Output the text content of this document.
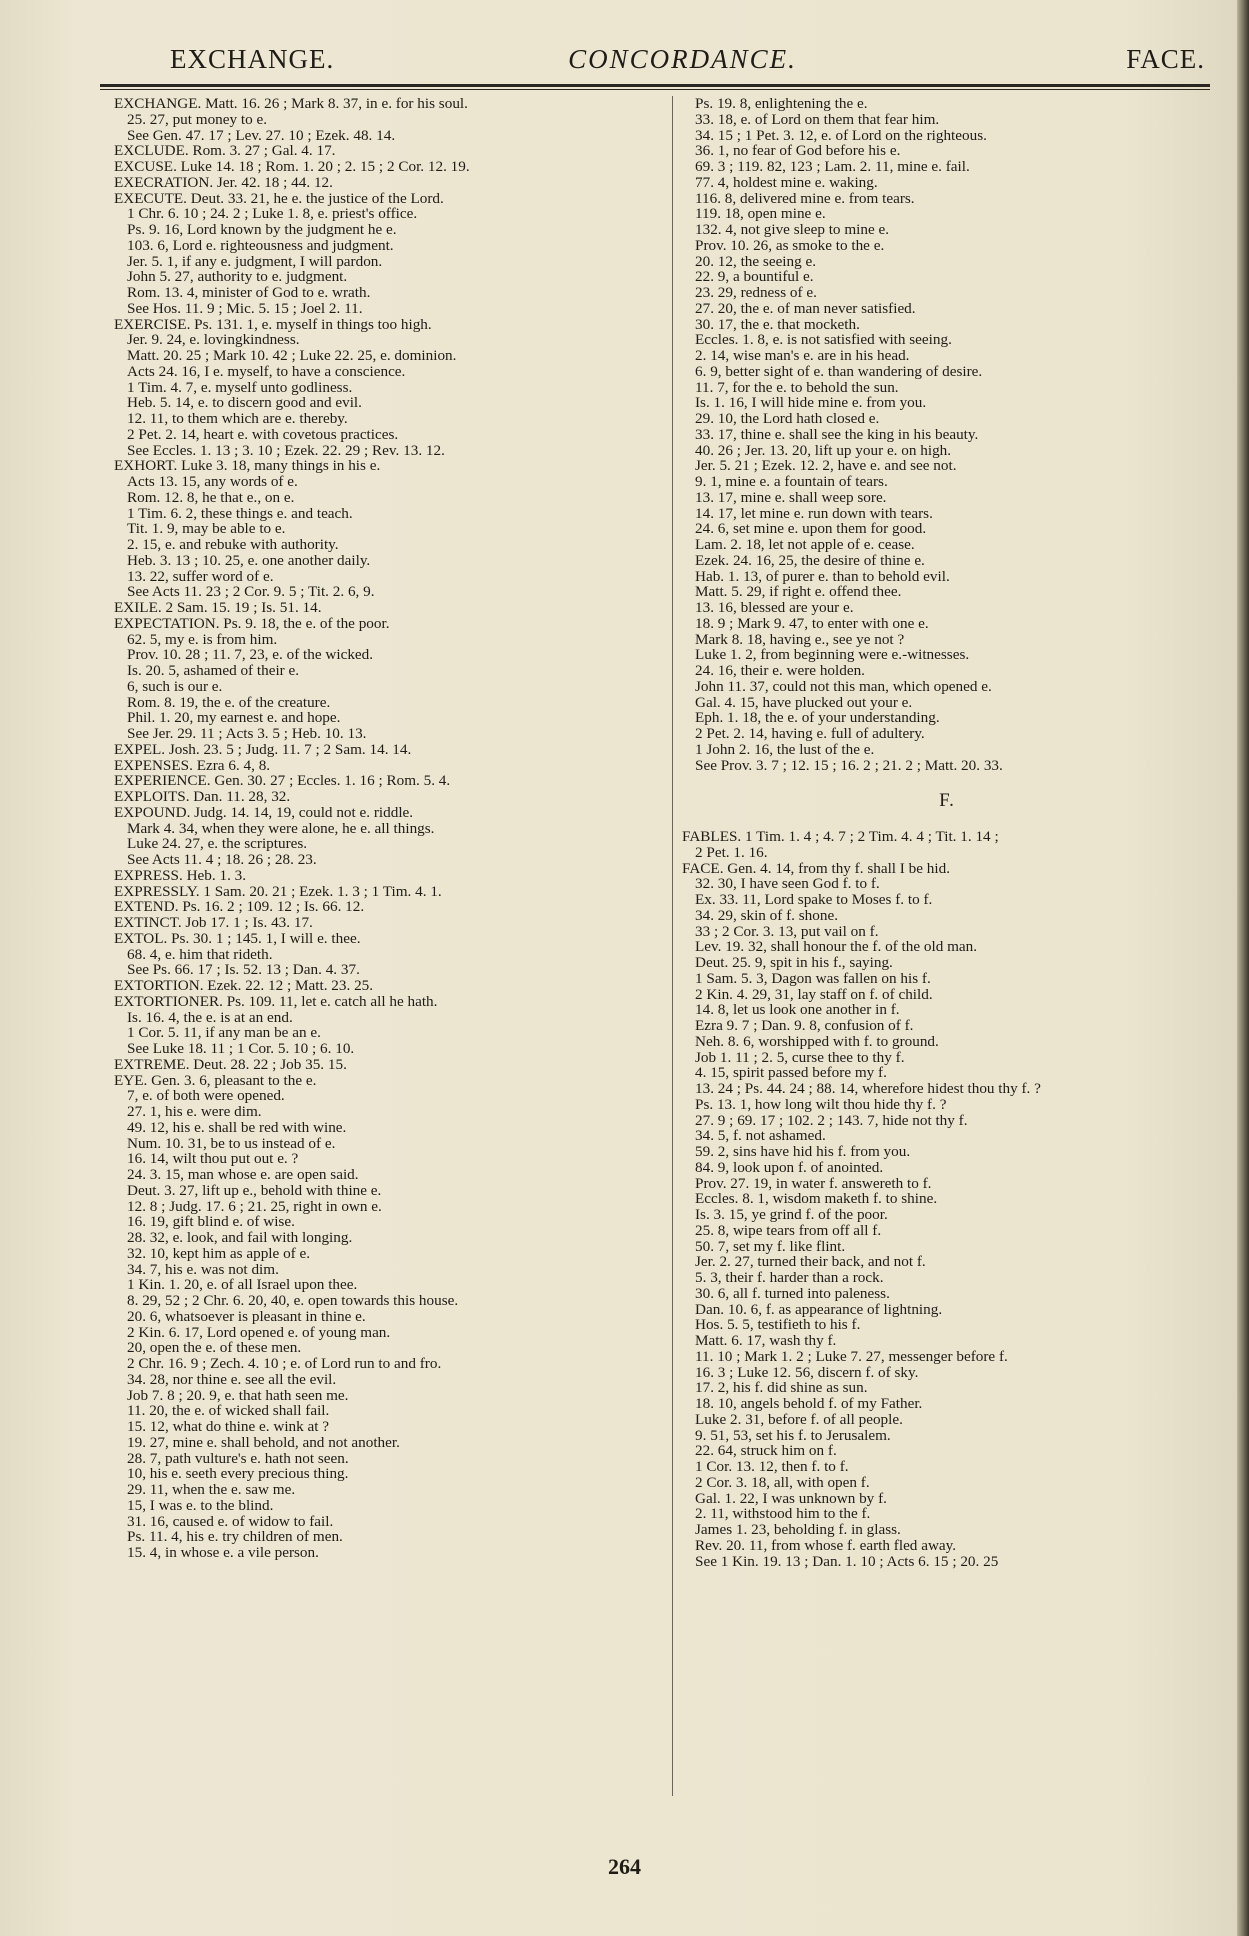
EXCHANGE.	CONCORDANCE.	FACE.
EXCHANGE. Matt. 16. 26 ; Mark 8. 37, in e. for his soul.
25. 27, put money to e.
See Gen. 47. 17 ; Lev. 27. 10 ; Ezek. 48. 14.
EXCLUDE. Rom. 3. 27 ; Gal. 4. 17.
EXCUSE. Luke 14. 18 ; Rom. 1. 20 ; 2. 15 ; 2 Cor. 12. 19.
EXECRATION. Jer. 42. 18 ; 44. 12.
EXECUTE. Deut. 33. 21, he e. the justice of the Lord.
1 Chr. 6. 10 ; 24. 2 ; Luke 1. 8, e. priest's office.
Ps. 9. 16, Lord known by the judgment he e.
103. 6, Lord e. righteousness and judgment.
Jer. 5. 1, if any e. judgment, I will pardon.
John 5. 27, authority to e. judgment.
Rom. 13. 4, minister of God to e. wrath.
See Hos. 11. 9 ; Mic. 5. 15 ; Joel 2. 11.
EXERCISE. Ps. 131. 1, e. myself in things too high.
Jer. 9. 24, e. lovingkindness.
Matt. 20. 25 ; Mark 10. 42 ; Luke 22. 25, e. dominion.
Acts 24. 16, I e. myself, to have a conscience.
1 Tim. 4. 7, e. myself unto godliness.
Heb. 5. 14, e. to discern good and evil.
12. 11, to them which are e. thereby.
2 Pet. 2. 14, heart e. with covetous practices.
See Eccles. 1. 13 ; 3. 10 ; Ezek. 22. 29 ; Rev. 13. 12.
EXHORT. Luke 3. 18, many things in his e.
Acts 13. 15, any words of e.
Rom. 12. 8, he that e., on e.
1 Tim. 6. 2, these things e. and teach.
Tit. 1. 9, may be able to e.
2. 15, e. and rebuke with authority.
Heb. 3. 13 ; 10. 25, e. one another daily.
13. 22, suffer word of e.
See Acts 11. 23 ; 2 Cor. 9. 5 ; Tit. 2. 6, 9.
EXILE. 2 Sam. 15. 19 ; Is. 51. 14.
EXPECTATION. Ps. 9. 18, the e. of the poor.
62. 5, my e. is from him.
Prov. 10. 28 ; 11. 7, 23, e. of the wicked.
Is. 20. 5, ashamed of their e.
6, such is our e.
Rom. 8. 19, the e. of the creature.
Phil. 1. 20, my earnest e. and hope.
See Jer. 29. 11 ; Acts 3. 5 ; Heb. 10. 13.
EXPEL. Josh. 23. 5 ; Judg. 11. 7 ; 2 Sam. 14. 14.
EXPENSES. Ezra 6. 4, 8.
EXPERIENCE. Gen. 30. 27 ; Eccles. 1. 16 ; Rom. 5. 4.
EXPLOITS. Dan. 11. 28, 32.
EXPOUND. Judg. 14. 14, 19, could not e. riddle.
Mark 4. 34, when they were alone, he e. all things.
Luke 24. 27, e. the scriptures.
See Acts 11. 4 ; 18. 26 ; 28. 23.
EXPRESS. Heb. 1. 3.
EXPRESSLY. 1 Sam. 20. 21 ; Ezek. 1. 3 ; 1 Tim. 4. 1.
EXTEND. Ps. 16. 2 ; 109. 12 ; Is. 66. 12.
EXTINCT. Job 17. 1 ; Is. 43. 17.
EXTOL. Ps. 30. 1 ; 145. 1, I will e. thee.
68. 4, e. him that rideth.
See Ps. 66. 17 ; Is. 52. 13 ; Dan. 4. 37.
EXTORTION. Ezek. 22. 12 ; Matt. 23. 25.
EXTORTIONER. Ps. 109. 11, let e. catch all he hath.
Is. 16. 4, the e. is at an end.
1 Cor. 5. 11, if any man be an e.
See Luke 18. 11 ; 1 Cor. 5. 10 ; 6. 10.
EXTREME. Deut. 28. 22 ; Job 35. 15.
EYE. Gen. 3. 6, pleasant to the e.
7, e. of both were opened.
27. 1, his e. were dim.
49. 12, his e. shall be red with wine.
Num. 10. 31, be to us instead of e.
16. 14, wilt thou put out e. ?
24. 3. 15, man whose e. are open said.
Deut. 3. 27, lift up e., behold with thine e.
12. 8 ; Judg. 17. 6 ; 21. 25, right in own e.
16. 19, gift blind e. of wise.
28. 32, e. look, and fail with longing.
32. 10, kept him as apple of e.
34. 7, his e. was not dim.
1 Kin. 1. 20, e. of all Israel upon thee.
8. 29, 52 ; 2 Chr. 6. 20, 40, e. open towards this house.
20. 6, whatsoever is pleasant in thine e.
2 Kin. 6. 17, Lord opened e. of young man.
20, open the e. of these men.
2 Chr. 16. 9 ; Zech. 4. 10 ; e. of Lord run to and fro.
34. 28, nor thine e. see all the evil.
Job 7. 8 ; 20. 9, e. that hath seen me.
11. 20, the e. of wicked shall fail.
15. 12, what do thine e. wink at ?
19. 27, mine e. shall behold, and not another.
28. 7, path vulture's e. hath not seen.
10, his e. seeth every precious thing.
29. 11, when the e. saw me.
15, I was e. to the blind.
31. 16, caused e. of widow to fail.
Ps. 11. 4, his e. try children of men.
15. 4, in whose e. a vile person.
Ps. 19. 8, enlightening the e.
33. 18, e. of Lord on them that fear him.
34. 15 ; 1 Pet. 3. 12, e. of Lord on the righteous.
36. 1, no fear of God before his e.
69. 3 ; 119. 82, 123 ; Lam. 2. 11, mine e. fail.
77. 4, holdest mine e. waking.
116. 8, delivered mine e. from tears.
119. 18, open mine e.
132. 4, not give sleep to mine e.
Prov. 10. 26, as smoke to the e.
20. 12, the seeing e.
22. 9, a bountiful e.
23. 29, redness of e.
27. 20, the e. of man never satisfied.
30. 17, the e. that mocketh.
Eccles. 1. 8, e. is not satisfied with seeing.
2. 14, wise man's e. are in his head.
6. 9, better sight of e. than wandering of desire.
11. 7, for the e. to behold the sun.
Is. 1. 16, I will hide mine e. from you.
29. 10, the Lord hath closed e.
33. 17, thine e. shall see the king in his beauty.
40. 26 ; Jer. 13. 20, lift up your e. on high.
Jer. 5. 21 ; Ezek. 12. 2, have e. and see not.
9. 1, mine e. a fountain of tears.
13. 17, mine e. shall weep sore.
14. 17, let mine e. run down with tears.
24. 6, set mine e. upon them for good.
Lam. 2. 18, let not apple of e. cease.
Ezek. 24. 16, 25, the desire of thine e.
Hab. 1. 13, of purer e. than to behold evil.
Matt. 5. 29, if right e. offend thee.
13. 16, blessed are your e.
18. 9 ; Mark 9. 47, to enter with one e.
Mark 8. 18, having e., see ye not ?
Luke 1. 2, from beginning were e.-witnesses.
24. 16, their e. were holden.
John 11. 37, could not this man, which opened e.
Gal. 4. 15, have plucked out your e.
Eph. 1. 18, the e. of your understanding.
2 Pet. 2. 14, having e. full of adultery.
1 John 2. 16, the lust of the e.
See Prov. 3. 7 ; 12. 15 ; 16. 2 ; 21. 2 ; Matt. 20. 33.
F.
FABLES. 1 Tim. 1. 4 ; 4. 7 ; 2 Tim. 4. 4 ; Tit. 1. 14 ;
2 Pet. 1. 16.
FACE. Gen. 4. 14, from thy f. shall I be hid.
32. 30, I have seen God f. to f.
Ex. 33. 11, Lord spake to Moses f. to f.
34. 29, skin of f. shone.
33 ; 2 Cor. 3. 13, put vail on f.
Lev. 19. 32, shall honour the f. of the old man.
Deut. 25. 9, spit in his f., saying.
1 Sam. 5. 3, Dagon was fallen on his f.
2 Kin. 4. 29, 31, lay staff on f. of child.
14. 8, let us look one another in f.
Ezra 9. 7 ; Dan. 9. 8, confusion of f.
Neh. 8. 6, worshipped with f. to ground.
Job 1. 11 ; 2. 5, curse thee to thy f.
4. 15, spirit passed before my f.
13. 24 ; Ps. 44. 24 ; 88. 14, wherefore hidest thou thy f. ?
Ps. 13. 1, how long wilt thou hide thy f. ?
27. 9 ; 69. 17 ; 102. 2 ; 143. 7, hide not thy f.
34. 5, f. not ashamed.
59. 2, sins have hid his f. from you.
84. 9, look upon f. of anointed.
Prov. 27. 19, in water f. answereth to f.
Eccles. 8. 1, wisdom maketh f. to shine.
Is. 3. 15, ye grind f. of the poor.
25. 8, wipe tears from off all f.
50. 7, set my f. like flint.
Jer. 2. 27, turned their back, and not f.
5. 3, their f. harder than a rock.
30. 6, all f. turned into paleness.
Dan. 10. 6, f. as appearance of lightning.
Hos. 5. 5, testifieth to his f.
Matt. 6. 17, wash thy f.
11. 10 ; Mark 1. 2 ; Luke 7. 27, messenger before f.
16. 3 ; Luke 12. 56, discern f. of sky.
17. 2, his f. did shine as sun.
18. 10, angels behold f. of my Father.
Luke 2. 31, before f. of all people.
9. 51, 53, set his f. to Jerusalem.
22. 64, struck him on f.
1 Cor. 13. 12, then f. to f.
2 Cor. 3. 18, all, with open f.
Gal. 1. 22, I was unknown by f.
2. 11, withstood him to the f.
James 1. 23, beholding f. in glass.
Rev. 20. 11, from whose f. earth fled away.
See 1 Kin. 19. 13 ; Dan. 1. 10 ; Acts 6. 15 ; 20. 25
264
